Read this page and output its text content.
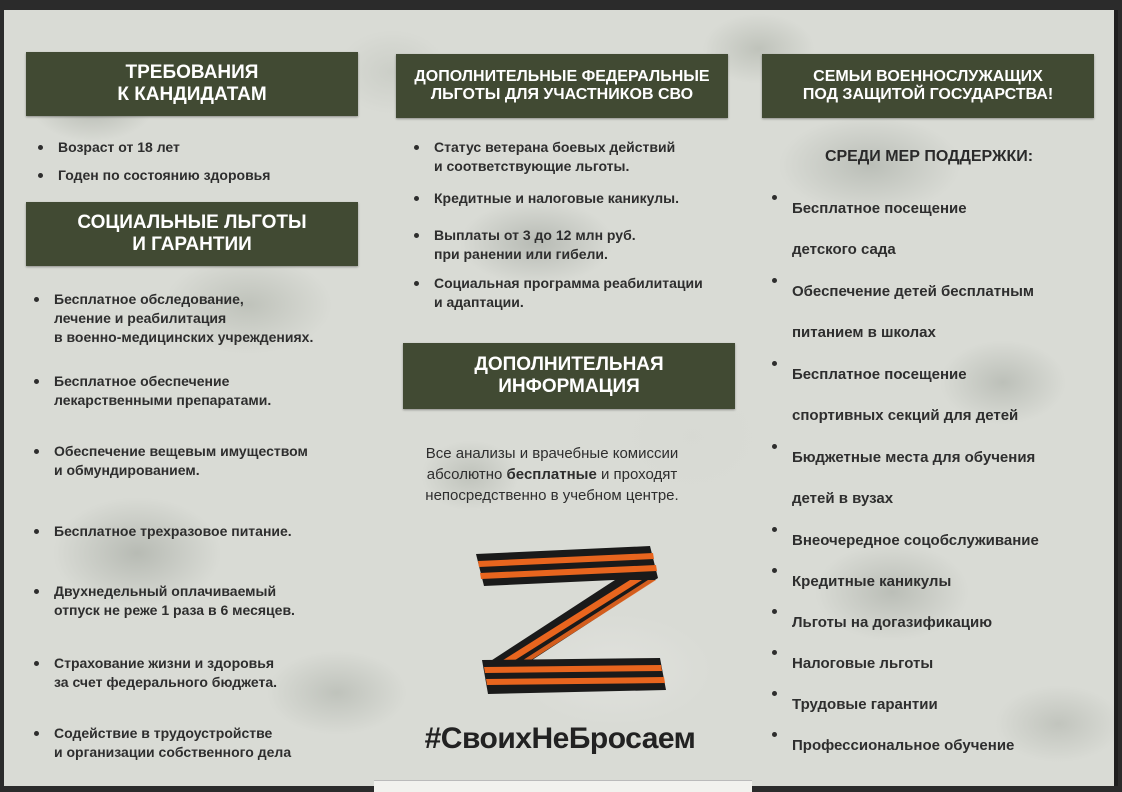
ТРЕБОВАНИЯ
К КАНДИДАТАМ
Возраст от 18 лет
Годен по состоянию здоровья
СОЦИАЛЬНЫЕ ЛЬГОТЫ
И ГАРАНТИИ
Бесплатное обследование,
лечение и реабилитация
в военно-медицинских учреждениях.
Бесплатное обеспечение
лекарственными препаратами.
Обеспечение вещевым имуществом
и обмундированием.
Бесплатное трехразовое питание.
Двухнедельный оплачиваемый
отпуск не реже 1 раза в 6 месяцев.
Страхование жизни и здоровья
за счет федерального бюджета.
Содействие в трудоустройстве
и организации собственного дела
ДОПОЛНИТЕЛЬНЫЕ ФЕДЕРАЛЬНЫЕ
ЛЬГОТЫ ДЛЯ УЧАСТНИКОВ СВО
Статус ветерана боевых действий
и соответствующие льготы.
Кредитные и налоговые каникулы.
Выплаты от 3 до 12 млн руб.
при ранении или гибели.
Социальная программа реабилитации
и адаптации.
ДОПОЛНИТЕЛЬНАЯ
ИНФОРМАЦИЯ
Все анализы и врачебные комиссии
абсолютно бесплатные и проходят
непосредственно в учебном центре.
#СвоихНеБросаем
СЕМЬИ ВОЕННОСЛУЖАЩИХ
ПОД ЗАЩИТОЙ ГОСУДАРСТВА!
СРЕДИ МЕР ПОДДЕРЖКИ:
Бесплатное посещение
детского сада
Обеспечение детей бесплатным
питанием в школах
Бесплатное посещение
спортивных секций для детей
Бюджетные места для обучения
детей в вузах
Внеочередное соцобслуживание
Кредитные каникулы
Льготы на догазификацию
Налоговые льготы
Трудовые гарантии
Профессиональное обучение
